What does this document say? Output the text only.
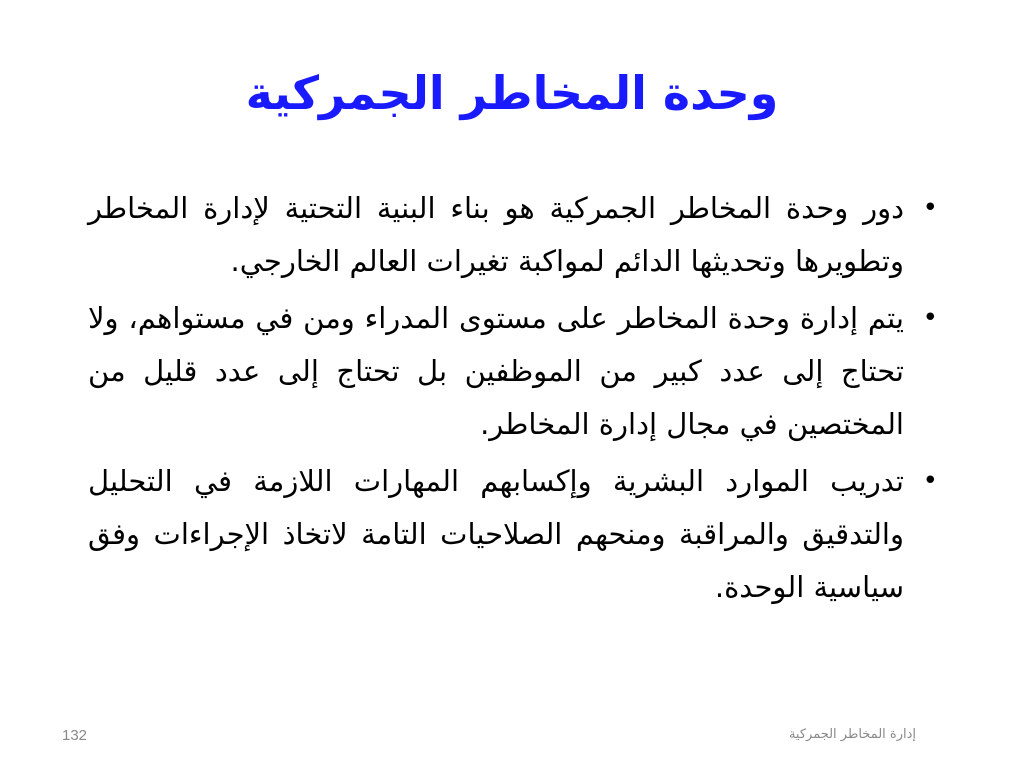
وحدة المخاطر الجمركية
•
دور وحدة المخاطر الجمركية هو بناء البنية التحتية لإدارة المخاطر وتطويرها وتحديثها الدائم لمواكبة تغيرات العالم الخارجي.
•
يتم إدارة وحدة المخاطر على مستوى المدراء ومن في مستواهم، ولا تحتاج إلى عدد كبير من الموظفين بل تحتاج إلى عدد قليل من المختصين في مجال إدارة المخاطر.
•
تدريب الموارد البشرية وإكسابهم المهارات اللازمة في التحليل والتدقيق والمراقبة ومنحهم الصلاحيات التامة لاتخاذ الإجراءات وفق سياسية الوحدة.
إدارة المخاطر الجمركية
132
